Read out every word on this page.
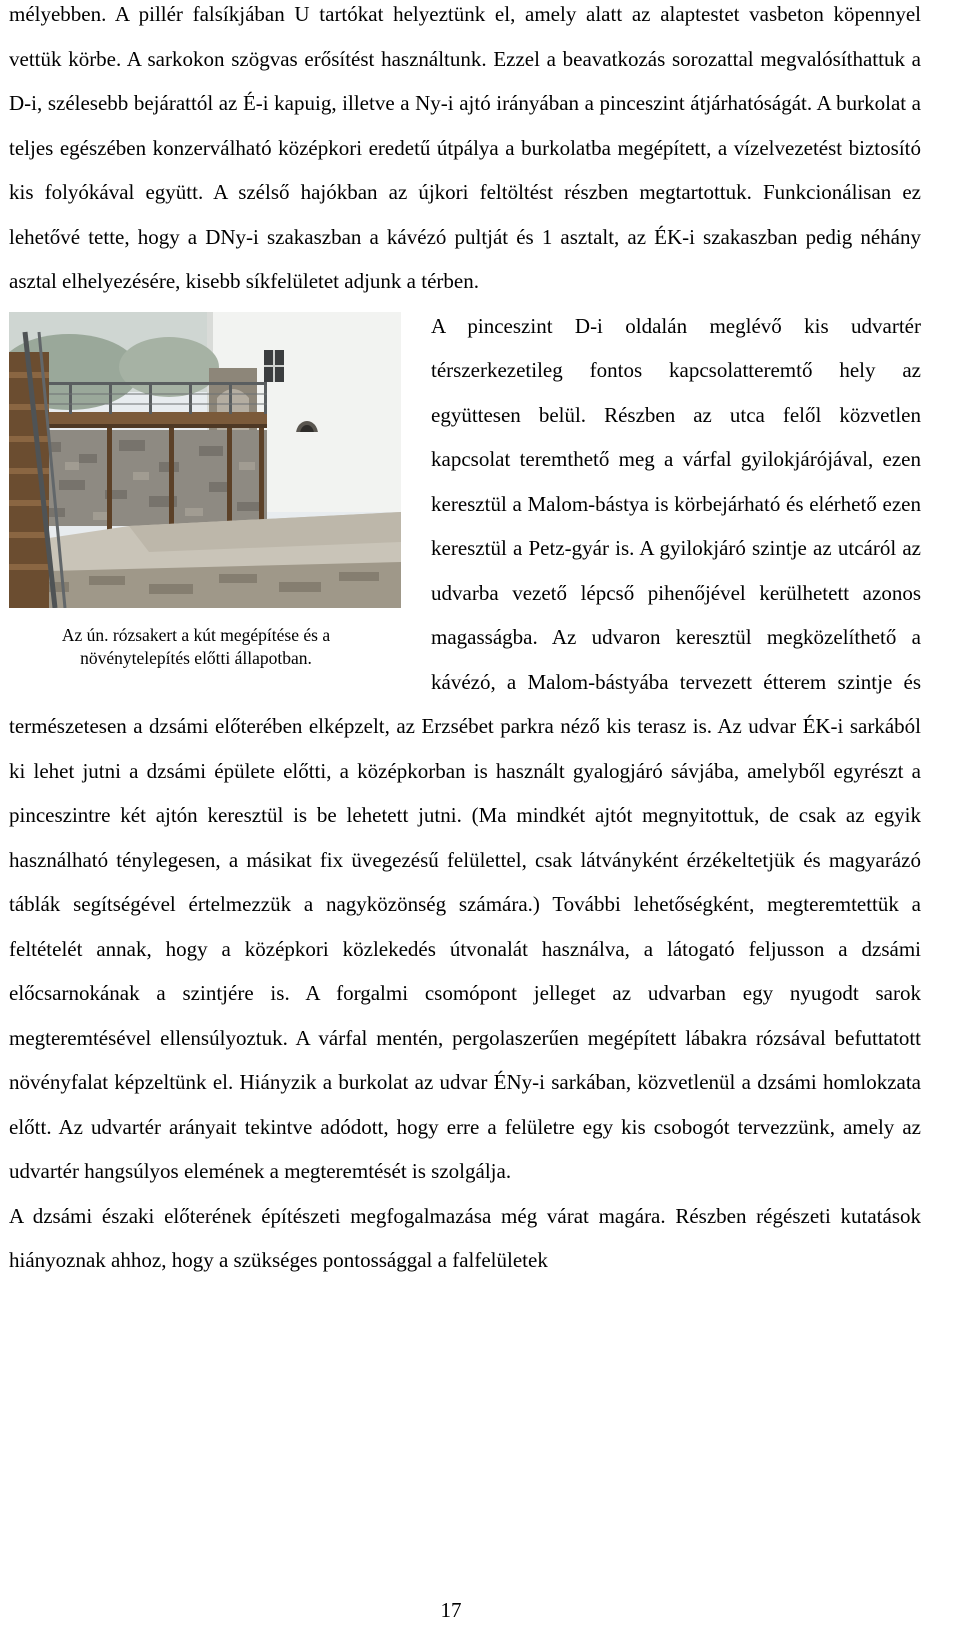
mélyebben. A pillér falsíkjában U tartókat helyeztünk el, amely alatt az alaptestet vasbeton köpennyel vettük körbe. A sarkokon szögvas erősítést használtunk. Ezzel a beavatkozás sorozattal megvalósíthattuk a D-i, szélesebb bejárattól az É-i kapuig, illetve a Ny-i ajtó irányában a pinceszint átjárhatóságát. A burkolat a teljes egészében konzerválható középkori eredetű útpálya a burkolatba megépített, a vízelvezetést biztosító kis folyókával együtt. A szélső hajókban az újkori feltöltést részben megtartottuk. Funkcionálisan ez lehetővé tette, hogy a DNy-i szakaszban a kávézó pultját és 1 asztalt, az ÉK-i szakaszban pedig néhány asztal elhelyezésére, kisebb síkfelületet adjunk a térben.

Az ún. rózsakert a kút megépítése és a növénytelepítés előtti állapotban.

A pinceszint D-i oldalán meglévő kis udvartér térszerkezetileg fontos kapcsolatteremtő hely az együttesen belül. Részben az utca felől közvetlen kapcsolat teremthető meg a várfal gyilokjárójával, ezen keresztül a Malom-bástya is körbejárható és elérhető ezen keresztül a Petz-gyár is. A gyilokjáró szintje az utcáról az udvarba vezető lépcső pihenőjével kerülhetett azonos magasságba. Az udvaron keresztül megközelíthető a kávézó, a Malom-bástyába tervezett étterem szintje és természetesen a dzsámi előterében elképzelt, az Erzsébet parkra néző kis terasz is. Az udvar ÉK-i sarkából ki lehet jutni a dzsámi épülete előtti, a középkorban is használt gyalogjáró sávjába, amelyből egyrészt a pinceszintre két ajtón keresztül is be lehetett jutni. (Ma mindkét ajtót megnyitottuk, de csak az egyik használható ténylegesen, a másikat fix üvegezésű felülettel, csak látványként érzékeltetjük és magyarázó táblák segítségével értelmezzük a nagyközönség számára.) További lehetőségként, megteremtettük a feltételét annak, hogy a középkori közlekedés útvonalát használva, a látogató feljusson a dzsámi előcsarnokának a szintjére is. A forgalmi csomópont jelleget az udvarban egy nyugodt sarok megteremtésével ellensúlyoztuk. A várfal mentén, pergolaszerűen megépített lábakra rózsával befuttatott növényfalat képzeltünk el. Hiányzik a burkolat az udvar ÉNy-i sarkában, közvetlenül a dzsámi homlokzata előtt. Az udvartér arányait tekintve adódott, hogy erre a felületre egy kis csobogót tervezzünk, amely az udvartér hangsúlyos elemének a megteremtését is szolgálja.

A dzsámi északi előterének építészeti megfogalmazása még várat magára. Részben régészeti kutatások hiányoznak ahhoz, hogy a szükséges pontossággal a falfelületek

17
